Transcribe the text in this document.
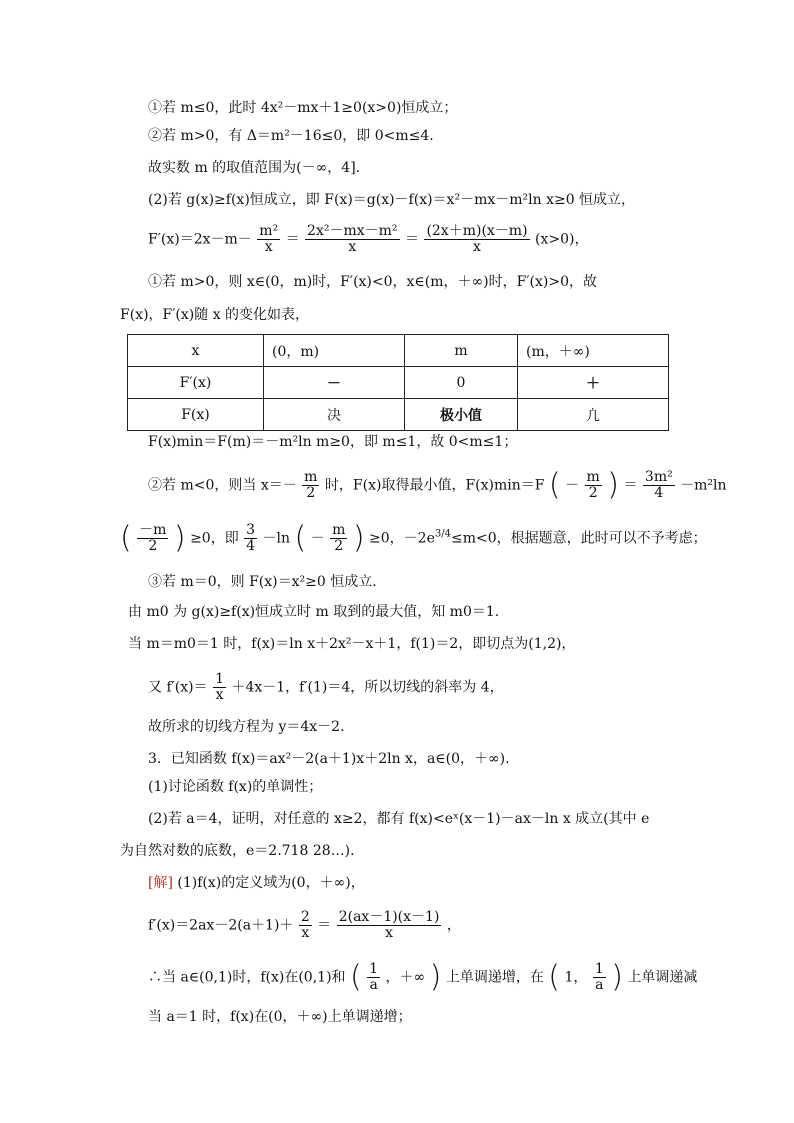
①若 m≤0，此时 4x²－mx＋1≥0(x>0)恒成立；
②若 m>0，有 Δ＝m²－16≤0，即 0<m≤4.
故实数 m 的取值范围为(－∞，4].
(2)若 g(x)≥f(x)恒成立，即 F(x)＝g(x)－f(x)＝x²－mx－m²ln x≥0 恒成立，
$F'(x)=2x-m- \frac{\text{m²}}{x} = \frac{\text{2x²－mx－m²}}{x} = \frac{(2x+m)(x-m)}{x} (x>0)$，
①若 m>0，则 x∈(0，m)时，F′(x)<0，x∈(m，＋∞)时，F′(x)>0，故
F(x)，F′(x)随 x 的变化如表，
x	(0，m)	m	(m，＋∞)
F′(x)	－	0	＋
F(x)	决	极小值	凢
F(x)min＝F(m)＝－m²ln m≥0，即 m≤1，故 0<m≤1；
②若 m<0，则当 $x=- \frac{m}{2}$ 时，F(x)取得最小值，F(x)min＝F ( － $\frac{m}{2}$ ) ＝ $\frac{\text{3m²}}{4} -m^2\ln$
( $\frac{-m}{2}$ ) ≥0，即 $\frac{3}{4} -\ln$ ( － $\frac{m}{2}$ ) ≥0，$-2e^{3/4}\le m<0$，根据题意，此时可以不予考虑；
③若 m＝0，则 F(x)＝x²≥0 恒成立.
由 m0 为 g(x)≥f(x)恒成立时 m 取到的最大值，知 m0＝1.
当 m＝m0＝1 时，f(x)＝ln x＋2x²－x＋1，f(1)＝2，即切点为(1,2)，
又 $f'(x)= \frac{1}{x} +4x-1$，f′(1)＝4，所以切线的斜率为 4，
故所求的切线方程为 y＝4x－2.
3．已知函数 f(x)＝ax²－2(a＋1)x＋2ln x，a∈(0，＋∞).
(1)讨论函数 f(x)的单调性；
(2)若 a＝4，证明，对任意的 x≥2，都有 f(x)<eˣ(x－1)－ax－ln x 成立(其中 e
为自然对数的底数，e＝2.718 28…).
[解] (1)f(x)的定义域为(0，＋∞)，
$f'(x)=2ax-2(a+1)+ \frac{2}{x} = \frac{2(ax-1)(x-1)}{x}$ ，
∴当 a∈(0,1)时，f(x)在(0,1)和 ( $\frac{1}{a}$ ，＋∞ ) 上单调递增，在 ( 1， $\frac{1}{a}$ ) 上单调递减
当 a＝1 时，f(x)在(0，＋∞)上单调递增；
